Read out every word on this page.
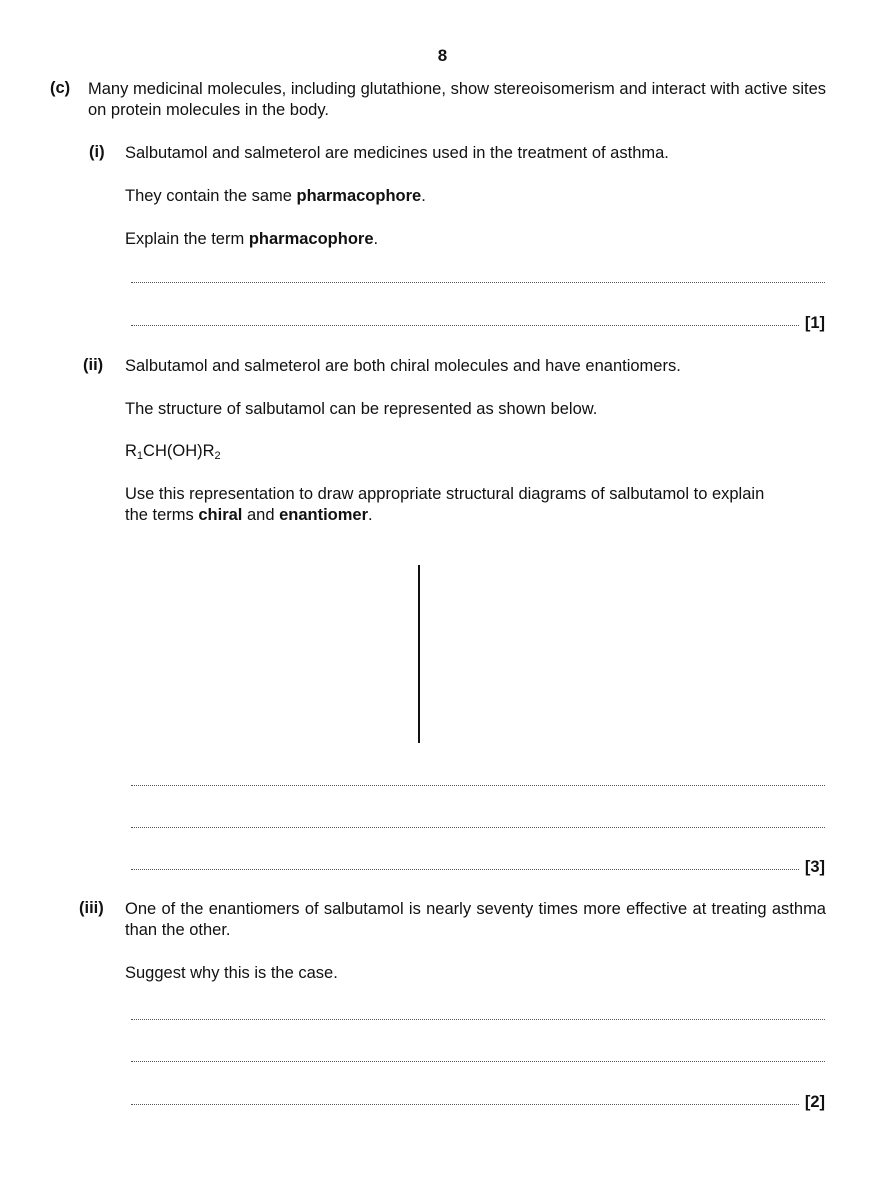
8
(c) Many medicinal molecules, including glutathione, show stereoisomerism and interact with active sites on protein molecules in the body.
(i) Salbutamol and salmeterol are medicines used in the treatment of asthma.
They contain the same pharmacophore.
Explain the term pharmacophore.
[1]
(ii) Salbutamol and salmeterol are both chiral molecules and have enantiomers.
The structure of salbutamol can be represented as shown below.
$R_1CH(OH)R_2$
Use this representation to draw appropriate structural diagrams of salbutamol to explain
the terms chiral and enantiomer.
[3]
(iii) One of the enantiomers of salbutamol is nearly seventy times more effective at treating asthma than the other.
Suggest why this is the case.
[2]
